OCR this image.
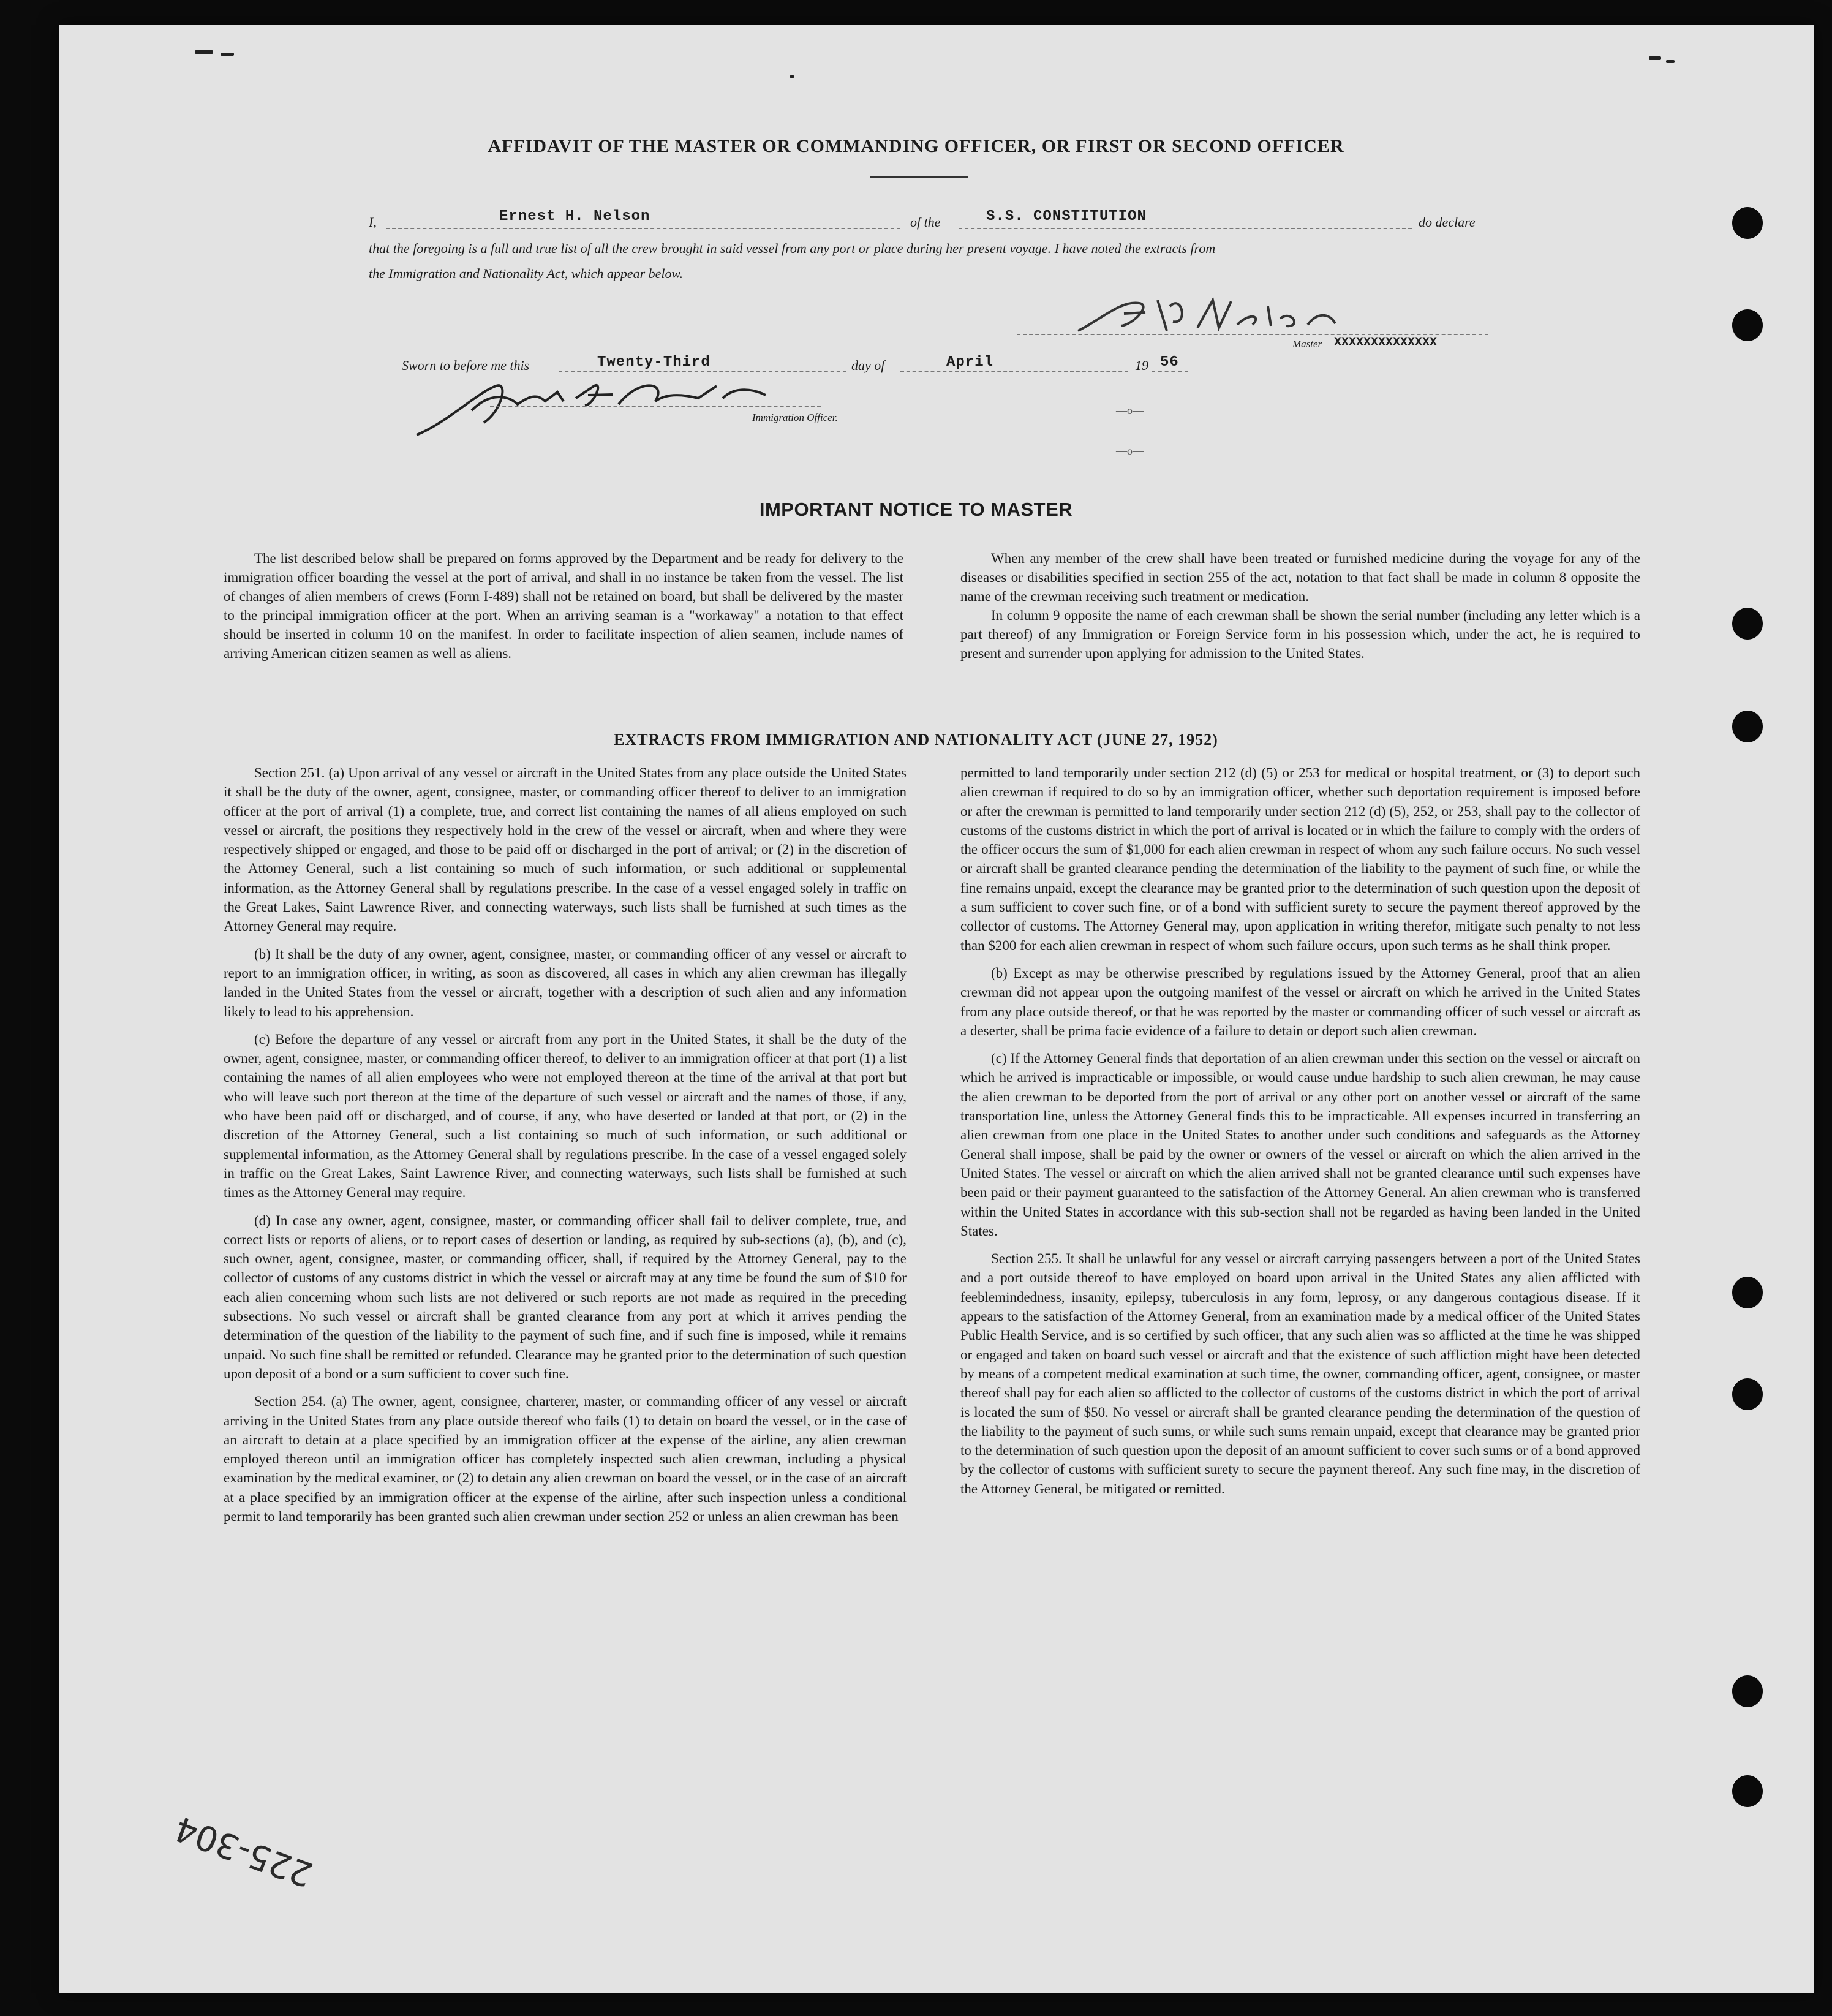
AFFIDAVIT OF THE MASTER OR COMMANDING OFFICER, OR FIRST OR SECOND OFFICER
I,	Ernest H. Nelson	of the	S.S. CONSTITUTION	do declare
that the foregoing is a full and true list of all the crew brought in said vessel from any port or place during her present voyage. I have noted the extracts from
the Immigration and Nationality Act, which appear below.
Master XXXXXXXXXXXXXX
Sworn to before me this	Twenty-Third	day of	April	19 56
Immigration Officer.
—o—
—o—
IMPORTANT NOTICE TO MASTER

The list described below shall be prepared on forms approved by the Department and be ready for delivery to the immigration officer boarding the vessel at the port of arrival, and shall in no instance be taken from the vessel. The list of changes of alien members of crews (Form I-489) shall not be retained on board, but shall be delivered by the master to the principal immigration officer at the port. When an arriving seaman is a "workaway" a notation to that effect should be inserted in column 10 on the manifest. In order to facilitate inspection of alien seamen, include names of arriving American citizen seamen as well as aliens.

When any member of the crew shall have been treated or furnished medicine during the voyage for any of the diseases or disabilities specified in section 255 of the act, notation to that fact shall be made in column 8 opposite the name of the crewman receiving such treatment or medication.

In column 9 opposite the name of each crewman shall be shown the serial number (including any letter which is a part thereof) of any Immigration or Foreign Service form in his possession which, under the act, he is required to present and surrender upon applying for admission to the United States.

EXTRACTS FROM IMMIGRATION AND NATIONALITY ACT (JUNE 27, 1952)

Section 251. (a) Upon arrival of any vessel or aircraft in the United States from any place outside the United States it shall be the duty of the owner, agent, consignee, master, or commanding officer thereof to deliver to an immigration officer at the port of arrival (1) a complete, true, and correct list containing the names of all aliens employed on such vessel or aircraft, the positions they respectively hold in the crew of the vessel or aircraft, when and where they were respectively shipped or engaged, and those to be paid off or discharged in the port of arrival; or (2) in the discretion of the Attorney General, such a list containing so much of such information, or such additional or supplemental information, as the Attorney General shall by regulations prescribe. In the case of a vessel engaged solely in traffic on the Great Lakes, Saint Lawrence River, and connecting waterways, such lists shall be furnished at such times as the Attorney General may require.

(b) It shall be the duty of any owner, agent, consignee, master, or commanding officer of any vessel or aircraft to report to an immigration officer, in writing, as soon as discovered, all cases in which any alien crewman has illegally landed in the United States from the vessel or aircraft, together with a description of such alien and any information likely to lead to his apprehension.

(c) Before the departure of any vessel or aircraft from any port in the United States, it shall be the duty of the owner, agent, consignee, master, or commanding officer thereof, to deliver to an immigration officer at that port (1) a list containing the names of all alien employees who were not employed thereon at the time of the arrival at that port but who will leave such port thereon at the time of the departure of such vessel or aircraft and the names of those, if any, who have been paid off or discharged, and of course, if any, who have deserted or landed at that port, or (2) in the discretion of the Attorney General, such a list containing so much of such information, or such additional or supplemental information, as the Attorney General shall by regulations prescribe. In the case of a vessel engaged solely in traffic on the Great Lakes, Saint Lawrence River, and connecting waterways, such lists shall be furnished at such times as the Attorney General may require.

(d) In case any owner, agent, consignee, master, or commanding officer shall fail to deliver complete, true, and correct lists or reports of aliens, or to report cases of desertion or landing, as required by sub-sections (a), (b), and (c), such owner, agent, consignee, master, or commanding officer, shall, if required by the Attorney General, pay to the collector of customs of any customs district in which the vessel or aircraft may at any time be found the sum of $10 for each alien concerning whom such lists are not delivered or such reports are not made as required in the preceding subsections. No such vessel or aircraft shall be granted clearance from any port at which it arrives pending the determination of the question of the liability to the payment of such fine, and if such fine is imposed, while it remains unpaid. No such fine shall be remitted or refunded. Clearance may be granted prior to the determination of such question upon deposit of a bond or a sum sufficient to cover such fine.

Section 254. (a) The owner, agent, consignee, charterer, master, or commanding officer of any vessel or aircraft arriving in the United States from any place outside thereof who fails (1) to detain on board the vessel, or in the case of an aircraft to detain at a place specified by an immigration officer at the expense of the airline, any alien crewman employed thereon until an immigration officer has completely inspected such alien crewman, including a physical examination by the medical examiner, or (2) to detain any alien crewman on board the vessel, or in the case of an aircraft at a place specified by an immigration officer at the expense of the airline, after such inspection unless a conditional permit to land temporarily has been granted such alien crewman under section 252 or unless an alien crewman has been

permitted to land temporarily under section 212 (d) (5) or 253 for medical or hospital treatment, or (3) to deport such alien crewman if required to do so by an immigration officer, whether such deportation requirement is imposed before or after the crewman is permitted to land temporarily under section 212 (d) (5), 252, or 253, shall pay to the collector of customs of the customs district in which the port of arrival is located or in which the failure to comply with the orders of the officer occurs the sum of $1,000 for each alien crewman in respect of whom any such failure occurs. No such vessel or aircraft shall be granted clearance pending the determination of the liability to the payment of such fine, or while the fine remains unpaid, except the clearance may be granted prior to the determination of such question upon the deposit of a sum sufficient to cover such fine, or of a bond with sufficient surety to secure the payment thereof approved by the collector of customs. The Attorney General may, upon application in writing therefor, mitigate such penalty to not less than $200 for each alien crewman in respect of whom such failure occurs, upon such terms as he shall think proper.

(b) Except as may be otherwise prescribed by regulations issued by the Attorney General, proof that an alien crewman did not appear upon the outgoing manifest of the vessel or aircraft on which he arrived in the United States from any place outside thereof, or that he was reported by the master or commanding officer of such vessel or aircraft as a deserter, shall be prima facie evidence of a failure to detain or deport such alien crewman.

(c) If the Attorney General finds that deportation of an alien crewman under this section on the vessel or aircraft on which he arrived is impracticable or impossible, or would cause undue hardship to such alien crewman, he may cause the alien crewman to be deported from the port of arrival or any other port on another vessel or aircraft of the same transportation line, unless the Attorney General finds this to be impracticable. All expenses incurred in transferring an alien crewman from one place in the United States to another under such conditions and safeguards as the Attorney General shall impose, shall be paid by the owner or owners of the vessel or aircraft on which the alien arrived in the United States. The vessel or aircraft on which the alien arrived shall not be granted clearance until such expenses have been paid or their payment guaranteed to the satisfaction of the Attorney General. An alien crewman who is transferred within the United States in accordance with this sub-section shall not be regarded as having been landed in the United States.

Section 255. It shall be unlawful for any vessel or aircraft carrying passengers between a port of the United States and a port outside thereof to have employed on board upon arrival in the United States any alien afflicted with feeblemindedness, insanity, epilepsy, tuberculosis in any form, leprosy, or any dangerous contagious disease. If it appears to the satisfaction of the Attorney General, from an examination made by a medical officer of the United States Public Health Service, and is so certified by such officer, that any such alien was so afflicted at the time he was shipped or engaged and taken on board such vessel or aircraft and that the existence of such affliction might have been detected by means of a competent medical examination at such time, the owner, commanding officer, agent, consignee, or master thereof shall pay for each alien so afflicted to the collector of customs of the customs district in which the port of arrival is located the sum of $50. No vessel or aircraft shall be granted clearance pending the determination of the question of the liability to the payment of such sums, or while such sums remain unpaid, except that clearance may be granted prior to the determination of such question upon the deposit of an amount sufficient to cover such sums or of a bond approved by the collector of customs with sufficient surety to secure the payment thereof. Any such fine may, in the discretion of the Attorney General, be mitigated or remitted.

225-304
